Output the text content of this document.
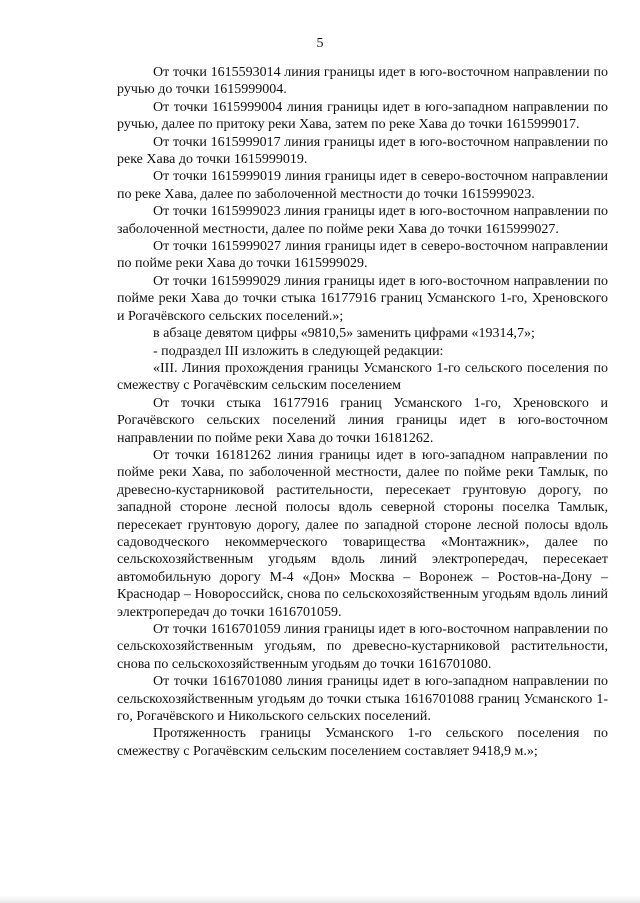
5

От точки 1615593014 линия границы идет в юго-восточном направлении по ручью до точки 1615999004.

От точки 1615999004 линия границы идет в юго-западном направлении по ручью, далее по притоку реки Хава, затем по реке Хава до точки 1615999017.

От точки 1615999017 линия границы идет в юго-восточном направлении по реке Хава до точки 1615999019.

От точки 1615999019 линия границы идет в северо-восточном направлении по реке Хава, далее по заболоченной местности до точки 1615999023.

От точки 1615999023 линия границы идет в юго-восточном направлении по заболоченной местности, далее по пойме реки Хава до точки 1615999027.

От точки 1615999027 линия границы идет в северо-восточном направлении по пойме реки Хава до точки 1615999029.

От точки 1615999029 линия границы идет в юго-восточном направлении по пойме реки Хава до точки стыка 16177916 границ Усманского 1-го, Хреновского и Рогачёвского сельских поселений.»;

в абзаце девятом цифры «9810,5» заменить цифрами «19314,7»;

- подраздел III изложить в следующей редакции:

«III. Линия прохождения границы Усманского 1-го сельского поселения по смежеству с Рогачёвским сельским поселением

От точки стыка 16177916 границ Усманского 1-го, Хреновского и Рогачёвского сельских поселений линия границы идет в юго-восточном направлении по пойме реки Хава до точки 16181262.

От точки 16181262 линия границы идет в юго-западном направлении по пойме реки Хава, по заболоченной местности, далее по пойме реки Тамлык, по древесно-кустарниковой растительности, пересекает грунтовую дорогу, по западной стороне лесной полосы вдоль северной стороны поселка Тамлык, пересекает грунтовую дорогу, далее по западной стороне лесной полосы вдоль садоводческого некоммерческого товарищества «Монтажник», далее по сельскохозяйственным угодьям вдоль линий электропередач, пересекает автомобильную дорогу М-4 «Дон» Москва – Воронеж – Ростов-на-Дону – Краснодар – Новороссийск, снова по сельскохозяйственным угодьям вдоль линий электропередач до точки 1616701059.

От точки 1616701059 линия границы идет в юго-восточном направлении по сельскохозяйственным угодьям, по древесно-кустарниковой растительности, снова по сельскохозяйственным угодьям до точки 1616701080.

От точки 1616701080 линия границы идет в юго-западном направлении по сельскохозяйственным угодьям до точки стыка 1616701088 границ Усманского 1-го, Рогачёвского и Никольского сельских поселений.

Протяженность границы Усманского 1-го сельского поселения по смежеству с Рогачёвским сельским поселением составляет 9418,9 м.»;
